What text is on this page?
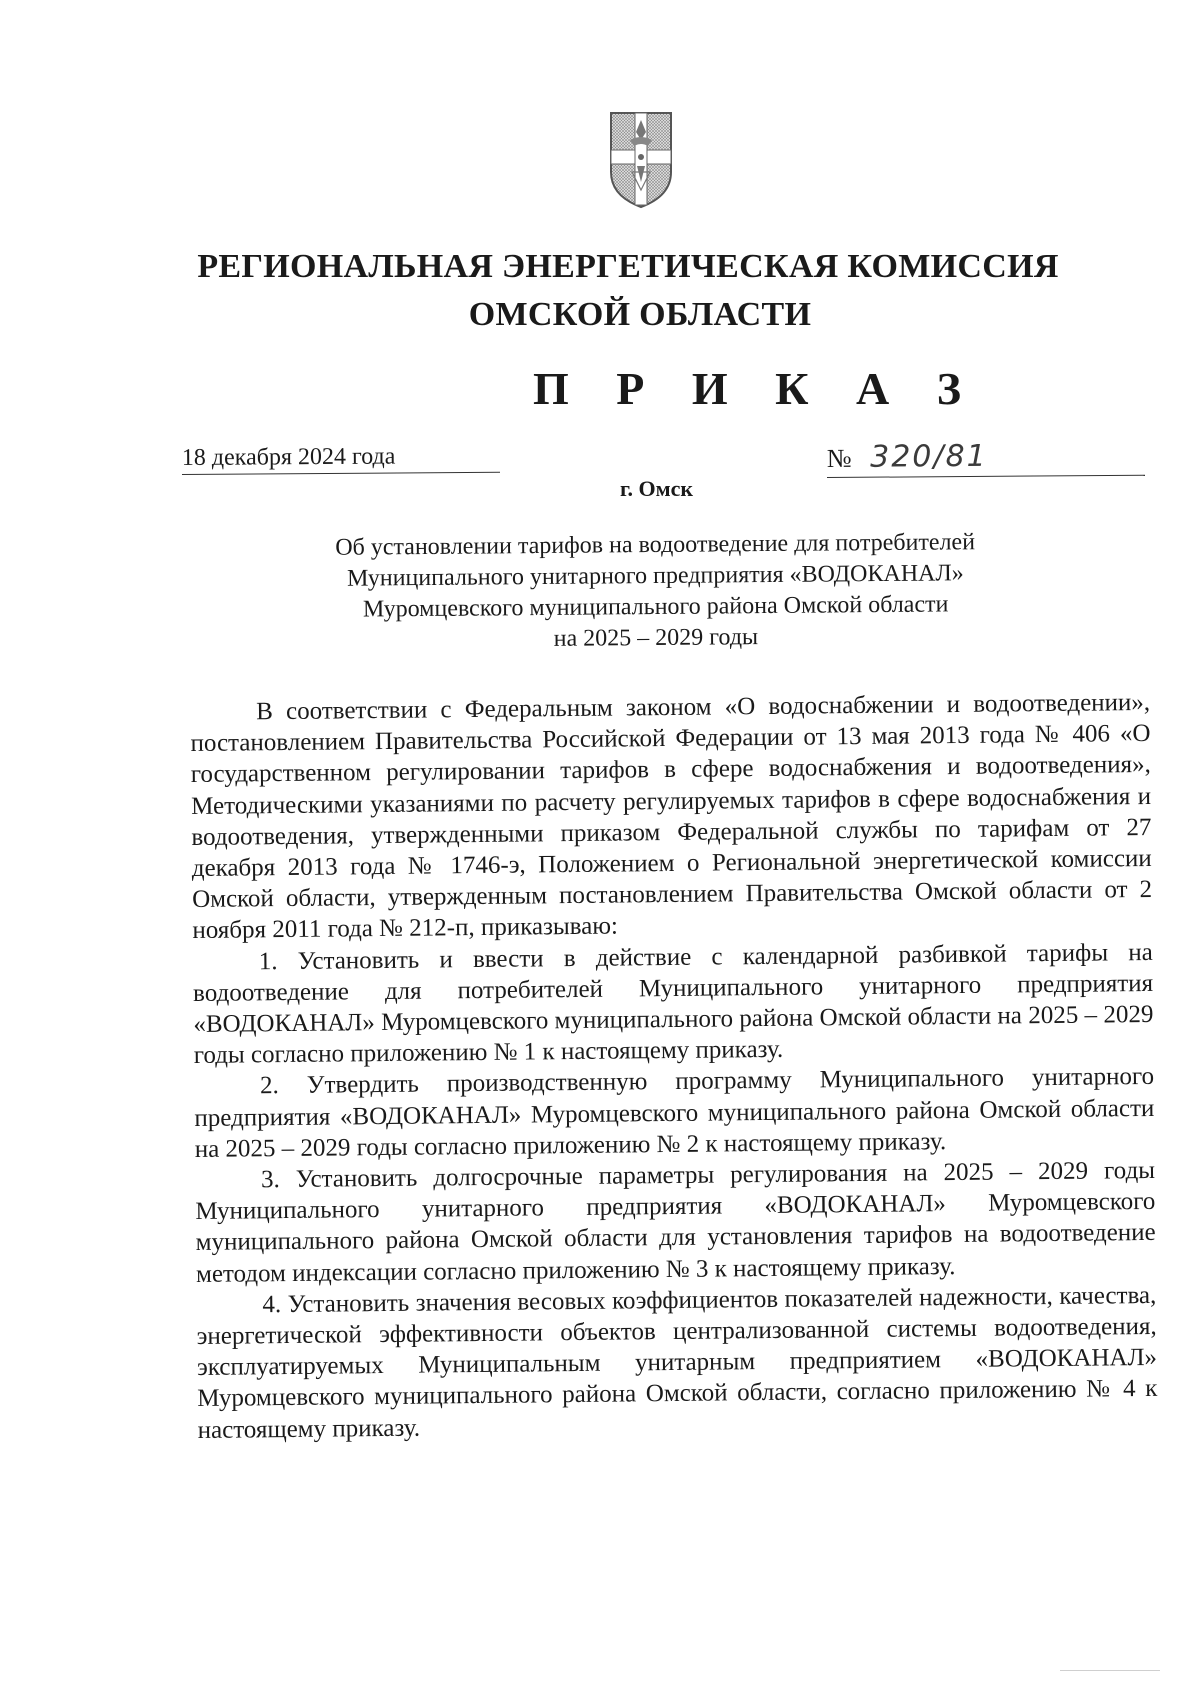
РЕГИОНАЛЬНАЯ ЭНЕРГЕТИЧЕСКАЯ КОМИССИЯ
ОМСКОЙ ОБЛАСТИ
П Р И К А З
18 декабря 2024 года	№ 320/81
г. Омск
Об установлении тарифов на водоотведение для потребителей
Муниципального унитарного предприятия «ВОДОКАНАЛ»
Муромцевского муниципального района Омской области
на 2025 – 2029 годы

В соответствии с Федеральным законом «О водоснабжении и водоотведении», постановлением Правительства Российской Федерации от 13 мая 2013 года № 406 «О государственном регулировании тарифов в сфере водоснабжения и водоотведения», Методическими указаниями по расчету регулируемых тарифов в сфере водоснабжения и водоотведения, утвержденными приказом Федеральной службы по тарифам от 27 декабря 2013 года № 1746-э, Положением о Региональной энергетической комиссии Омской области, утвержденным постановлением Правительства Омской области от 2 ноября 2011 года № 212-п, приказываю:

1. Установить и ввести в действие с календарной разбивкой тарифы на водоотведение для потребителей Муниципального унитарного предприятия «ВОДОКАНАЛ» Муромцевского муниципального района Омской области на 2025 – 2029 годы согласно приложению № 1 к настоящему приказу.

2. Утвердить производственную программу Муниципального унитарного предприятия «ВОДОКАНАЛ» Муромцевского муниципального района Омской области на 2025 – 2029 годы согласно приложению № 2 к настоящему приказу.

3. Установить долгосрочные параметры регулирования на 2025 – 2029 годы Муниципального унитарного предприятия «ВОДОКАНАЛ» Муромцевского муниципального района Омской области для установления тарифов на водоотведение методом индексации согласно приложению № 3 к настоящему приказу.

4. Установить значения весовых коэффициентов показателей надежности, качества, энергетической эффективности объектов централизованной системы водоотведения, эксплуатируемых Муниципальным унитарным предприятием «ВОДОКАНАЛ» Муромцевского муниципального района Омской области, согласно приложению № 4 к настоящему приказу.
